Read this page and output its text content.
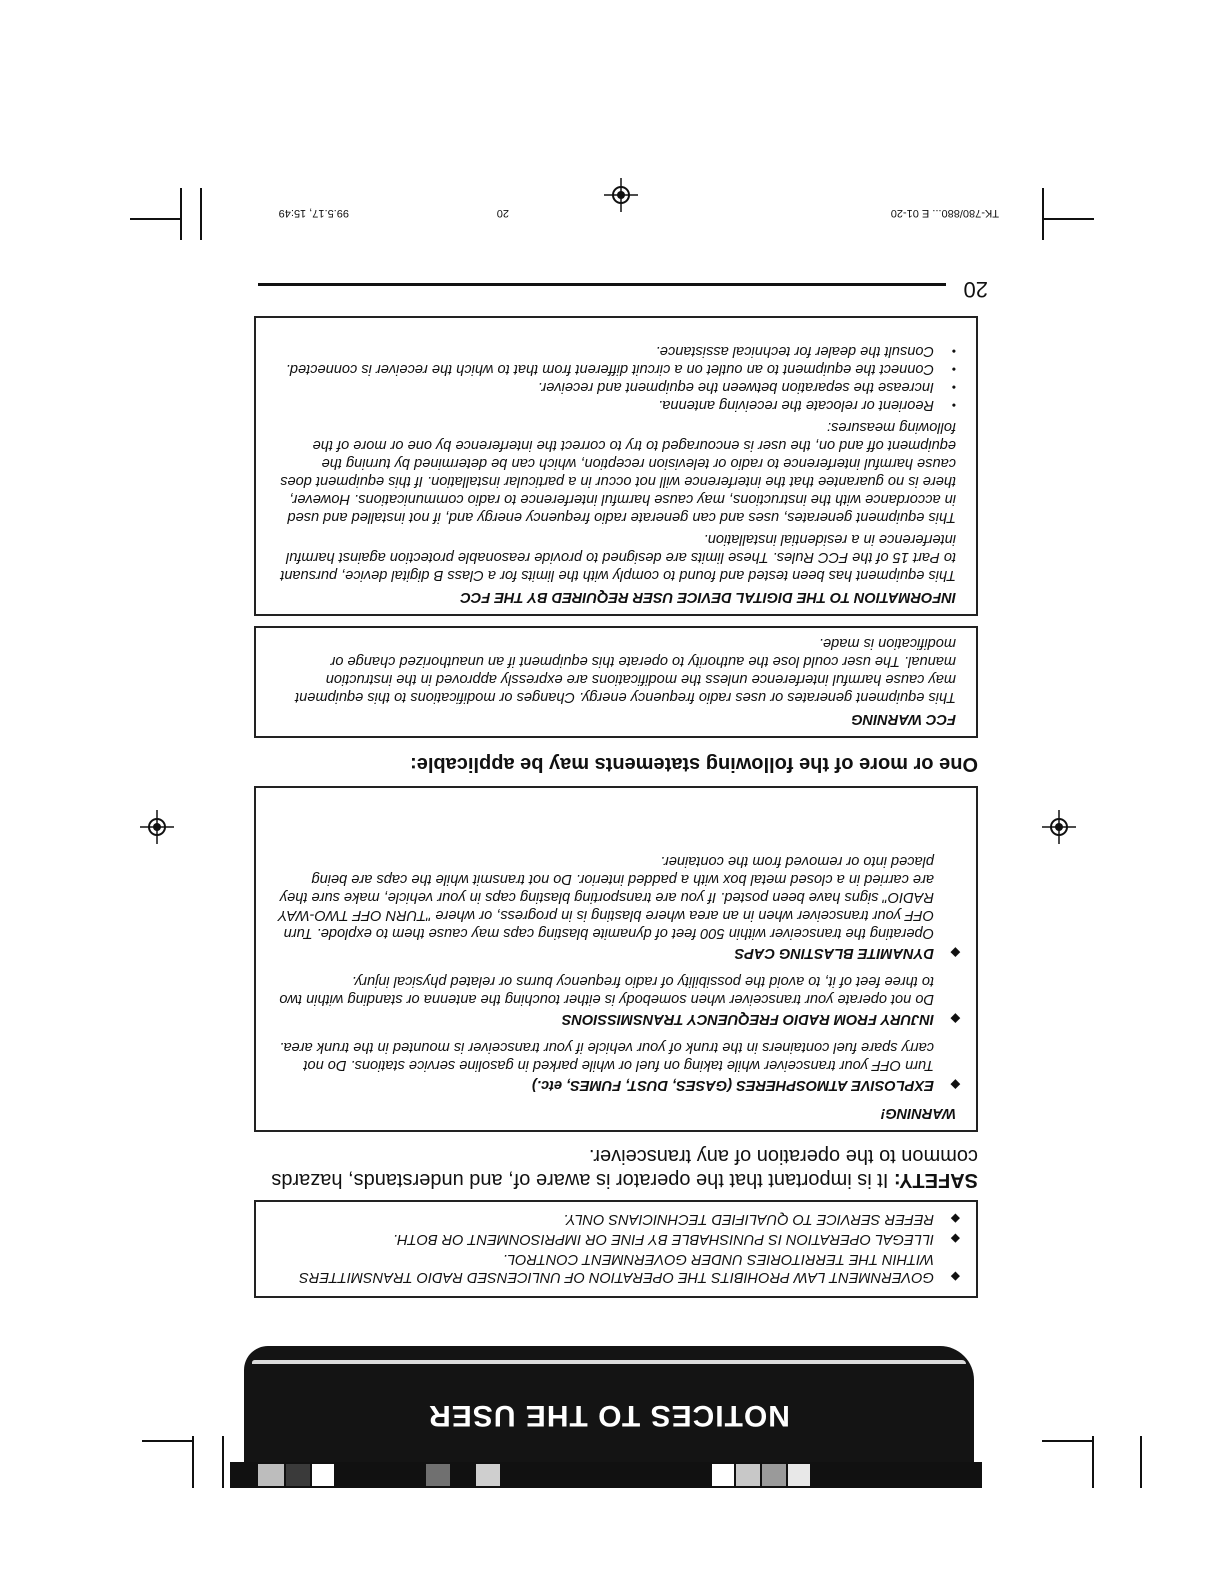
NOTICES TO THE USER
◆
GOVERNMENT LAW PROHIBITS THE OPERATION OF UNLICENSED RADIO TRANSMITTERS WITHIN THE TERRITORIES UNDER GOVERNMENT CONTROL.
◆
ILLEGAL OPERATION IS PUNISHABLE BY FINE OR IMPRISONMENT OR BOTH.
◆
REFER SERVICE TO QUALIFIED TECHNICIANS ONLY.
SAFETY: It is important that the operator is aware of, and understands, hazards common to the operation of any transceiver.
WARNING!
◆
EXPLOSIVE ATMOSPHERES (GASES, DUST, FUMES, etc.)
Turn OFF your transceiver while taking on fuel or while parked in gasoline service stations. Do not carry spare fuel containers in the trunk of your vehicle if your transceiver is mounted in the trunk area.
◆
INJURY FROM RADIO FREQUENCY TRANSMISSIONS
Do not operate your transceiver when somebody is either touching the antenna or standing within two to three feet of it, to avoid the possibility of radio frequency burns or related physical injury.
◆
DYNAMITE BLASTING CAPS
Operating the transceiver within 500 feet of dynamite blasting caps may cause them to explode. Turn OFF your transceiver when in an area where blasting is in progress, or where "TURN OFF TWO-WAY RADIO" signs have been posted. If you are transporting blasting caps in your vehicle, make sure they are carried in a closed metal box with a padded interior. Do not transmit while the caps are being placed into or removed from the container.
One or more of the following statements may be applicable:
FCC WARNING
This equipment generates or uses radio frequency energy. Changes or modifications to this equipment may cause harmful interference unless the modifications are expressly approved in the instruction manual. The user could lose the authority to operate this equipment if an unauthorized change or modification is made.
INFORMATION TO THE DIGITAL DEVICE USER REQUIRED BY THE FCC
This equipment has been tested and found to comply with the limits for a Class B digital device, pursuant to Part 15 of the FCC Rules. These limits are designed to provide reasonable protection against harmful interference in a residential installation.
This equipment generates, uses and can generate radio frequency energy and, if not installed and used in accordance with the instructions, may cause harmful interference to radio communications. However, there is no guarantee that the interference will not occur in a particular installation. If this equipment does cause harmful interference to radio or television reception, which can be determined by turning the equipment off and on, the user is encouraged to try to correct the interference by one or more of the following measures:
•
Reorient or relocate the receiving antenna.
•
Increase the separation between the equipment and receiver.
•
Connect the equipment to an outlet on a circuit different from that to which the receiver is connected.
•
Consult the dealer for technical assistance.
20
TK-780/880... E 01-20
20
99.5.17, 15:49
